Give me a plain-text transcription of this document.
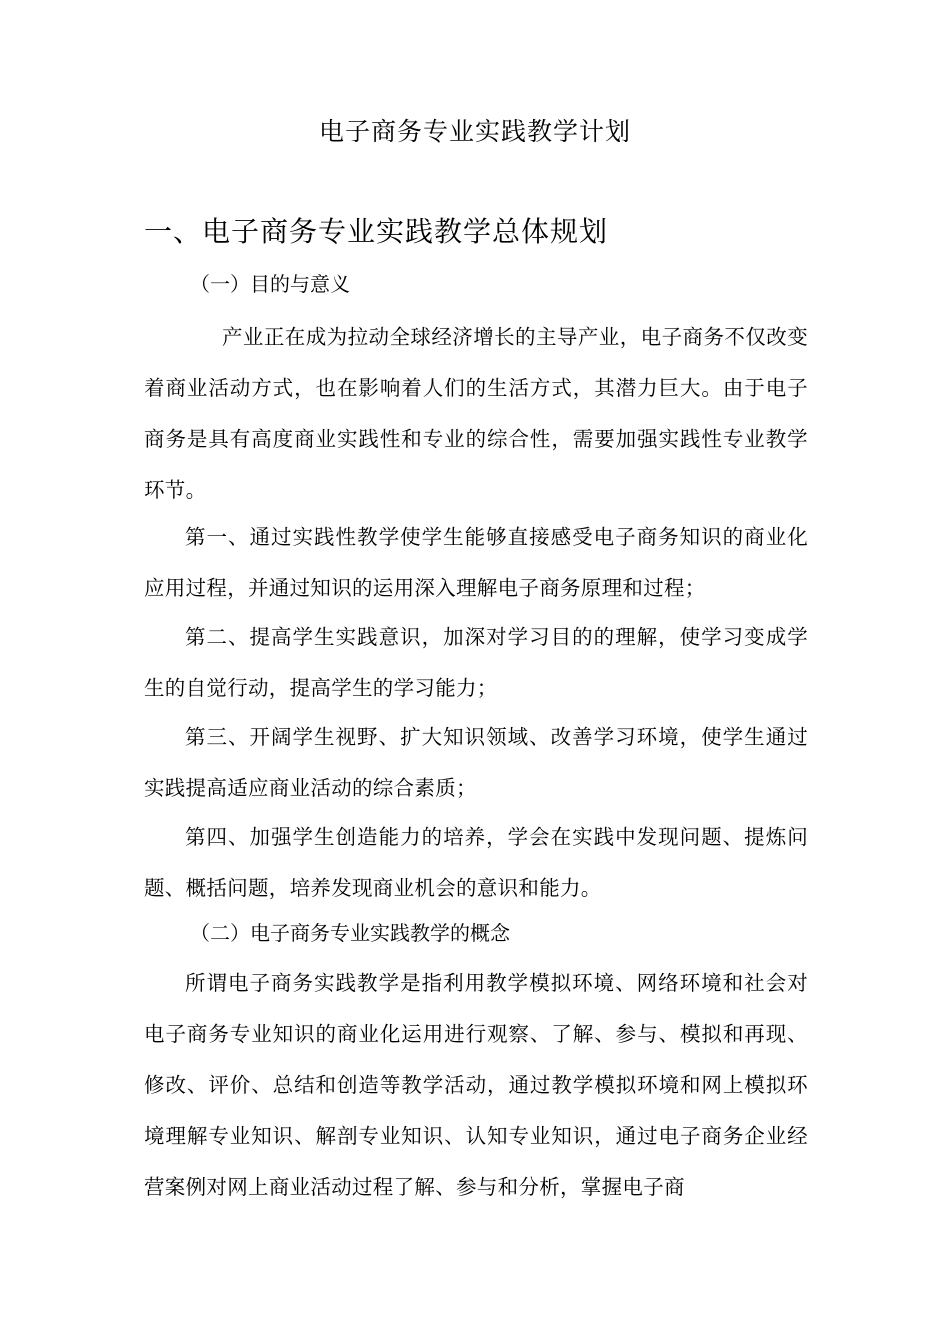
电子商务专业实践教学计划
一、电子商务专业实践教学总体规划
（一）目的与意义
产业正在成为拉动全球经济增长的主导产业，电子商务不仅改变着商业活动方式，也在影响着人们的生活方式，其潜力巨大。由于电子商务是具有高度商业实践性和专业的综合性，需要加强实践性专业教学环节。
第一、通过实践性教学使学生能够直接感受电子商务知识的商业化应用过程，并通过知识的运用深入理解电子商务原理和过程；
第二、提高学生实践意识，加深对学习目的的理解，使学习变成学生的自觉行动，提高学生的学习能力；
第三、开阔学生视野、扩大知识领域、改善学习环境，使学生通过实践提高适应商业活动的综合素质；
第四、加强学生创造能力的培养，学会在实践中发现问题、提炼问题、概括问题，培养发现商业机会的意识和能力。
（二）电子商务专业实践教学的概念
所谓电子商务实践教学是指利用教学模拟环境、网络环境和社会对电子商务专业知识的商业化运用进行观察、了解、参与、模拟和再现、修改、评价、总结和创造等教学活动，通过教学模拟环境和网上模拟环境理解专业知识、解剖专业知识、认知专业知识，通过电子商务企业经营案例对网上商业活动过程了解、参与和分析，掌握电子商
